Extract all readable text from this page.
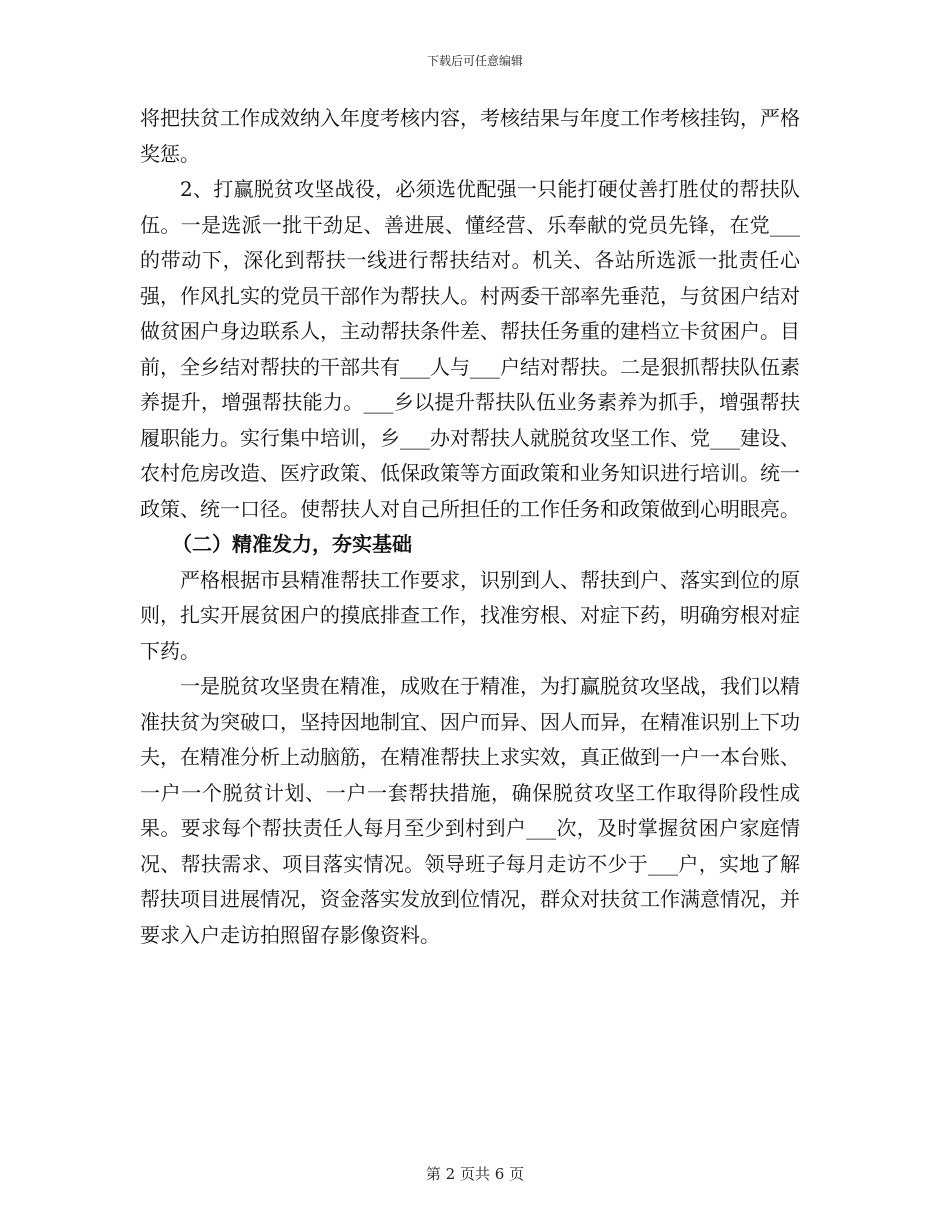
下载后可任意编辑

将把扶贫工作成效纳入年度考核内容，考核结果与年度工作考核挂钩，严格奖惩。

2、打赢脱贫攻坚战役，必须选优配强一只能打硬仗善打胜仗的帮扶队伍。一是选派一批干劲足、善进展、懂经营、乐奉献的党员先锋，在党___的带动下，深化到帮扶一线进行帮扶结对。机关、各站所选派一批责任心强，作风扎实的党员干部作为帮扶人。村两委干部率先垂范，与贫困户结对做贫困户身边联系人，主动帮扶条件差、帮扶任务重的建档立卡贫困户。目前，全乡结对帮扶的干部共有___人与___户结对帮扶。二是狠抓帮扶队伍素养提升，增强帮扶能力。___乡以提升帮扶队伍业务素养为抓手，增强帮扶履职能力。实行集中培训，乡___办对帮扶人就脱贫攻坚工作、党___建设、农村危房改造、医疗政策、低保政策等方面政策和业务知识进行培训。统一政策、统一口径。使帮扶人对自己所担任的工作任务和政策做到心明眼亮。

（二）精准发力，夯实基础

严格根据市县精准帮扶工作要求，识别到人、帮扶到户、落实到位的原则，扎实开展贫困户的摸底排查工作，找准穷根、对症下药，明确穷根对症下药。

一是脱贫攻坚贵在精准，成败在于精准，为打赢脱贫攻坚战，我们以精准扶贫为突破口，坚持因地制宜、因户而异、因人而异，在精准识别上下功夫，在精准分析上动脑筋，在精准帮扶上求实效，真正做到一户一本台账、一户一个脱贫计划、一户一套帮扶措施，确保脱贫攻坚工作取得阶段性成果。要求每个帮扶责任人每月至少到村到户___次，及时掌握贫困户家庭情况、帮扶需求、项目落实情况。领导班子每月走访不少于___户，实地了解帮扶项目进展情况，资金落实发放到位情况，群众对扶贫工作满意情况，并要求入户走访拍照留存影像资料。

第 2 页共 6 页
